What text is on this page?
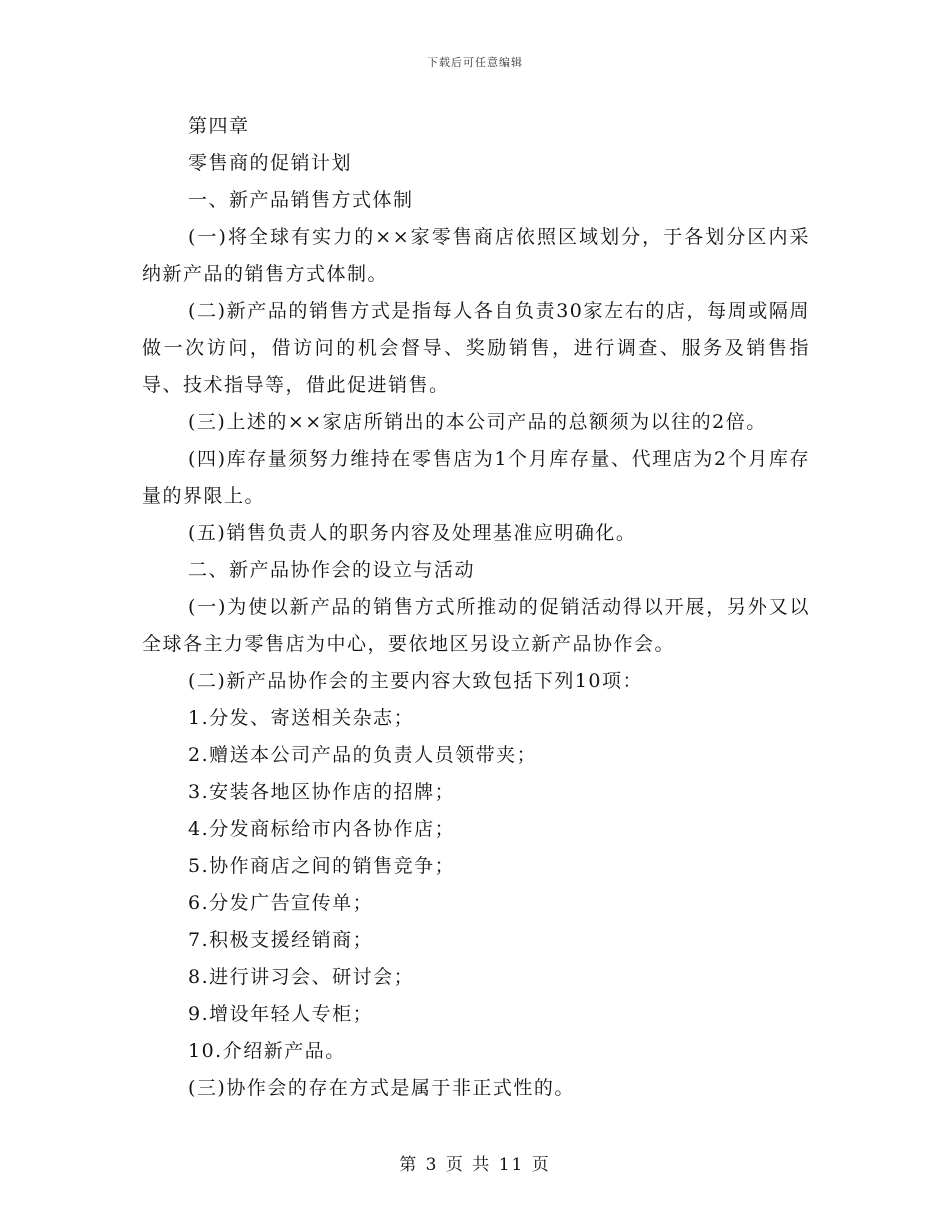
下载后可任意编辑

第四章

零售商的促销计划

一、新产品销售方式体制

(一)将全球有实力的××家零售商店依照区域划分，于各划分区内采纳新产品的销售方式体制。

(二)新产品的销售方式是指每人各自负责30家左右的店，每周或隔周做一次访问，借访问的机会督导、奖励销售，进行调查、服务及销售指导、技术指导等，借此促进销售。

(三)上述的××家店所销出的本公司产品的总额须为以往的2倍。

(四)库存量须努力维持在零售店为1个月库存量、代理店为2个月库存量的界限上。

(五)销售负责人的职务内容及处理基准应明确化。

二、新产品协作会的设立与活动

(一)为使以新产品的销售方式所推动的促销活动得以开展，另外又以全球各主力零售店为中心，要依地区另设立新产品协作会。

(二)新产品协作会的主要内容大致包括下列10项：

1.分发、寄送相关杂志；

2.赠送本公司产品的负责人员领带夹；

3.安装各地区协作店的招牌；

4.分发商标给市内各协作店；

5.协作商店之间的销售竞争；

6.分发广告宣传单；

7.积极支援经销商；

8.进行讲习会、研讨会；

9.增设年轻人专柜；

10.介绍新产品。

(三)协作会的存在方式是属于非正式性的。

第 3 页 共 11 页
